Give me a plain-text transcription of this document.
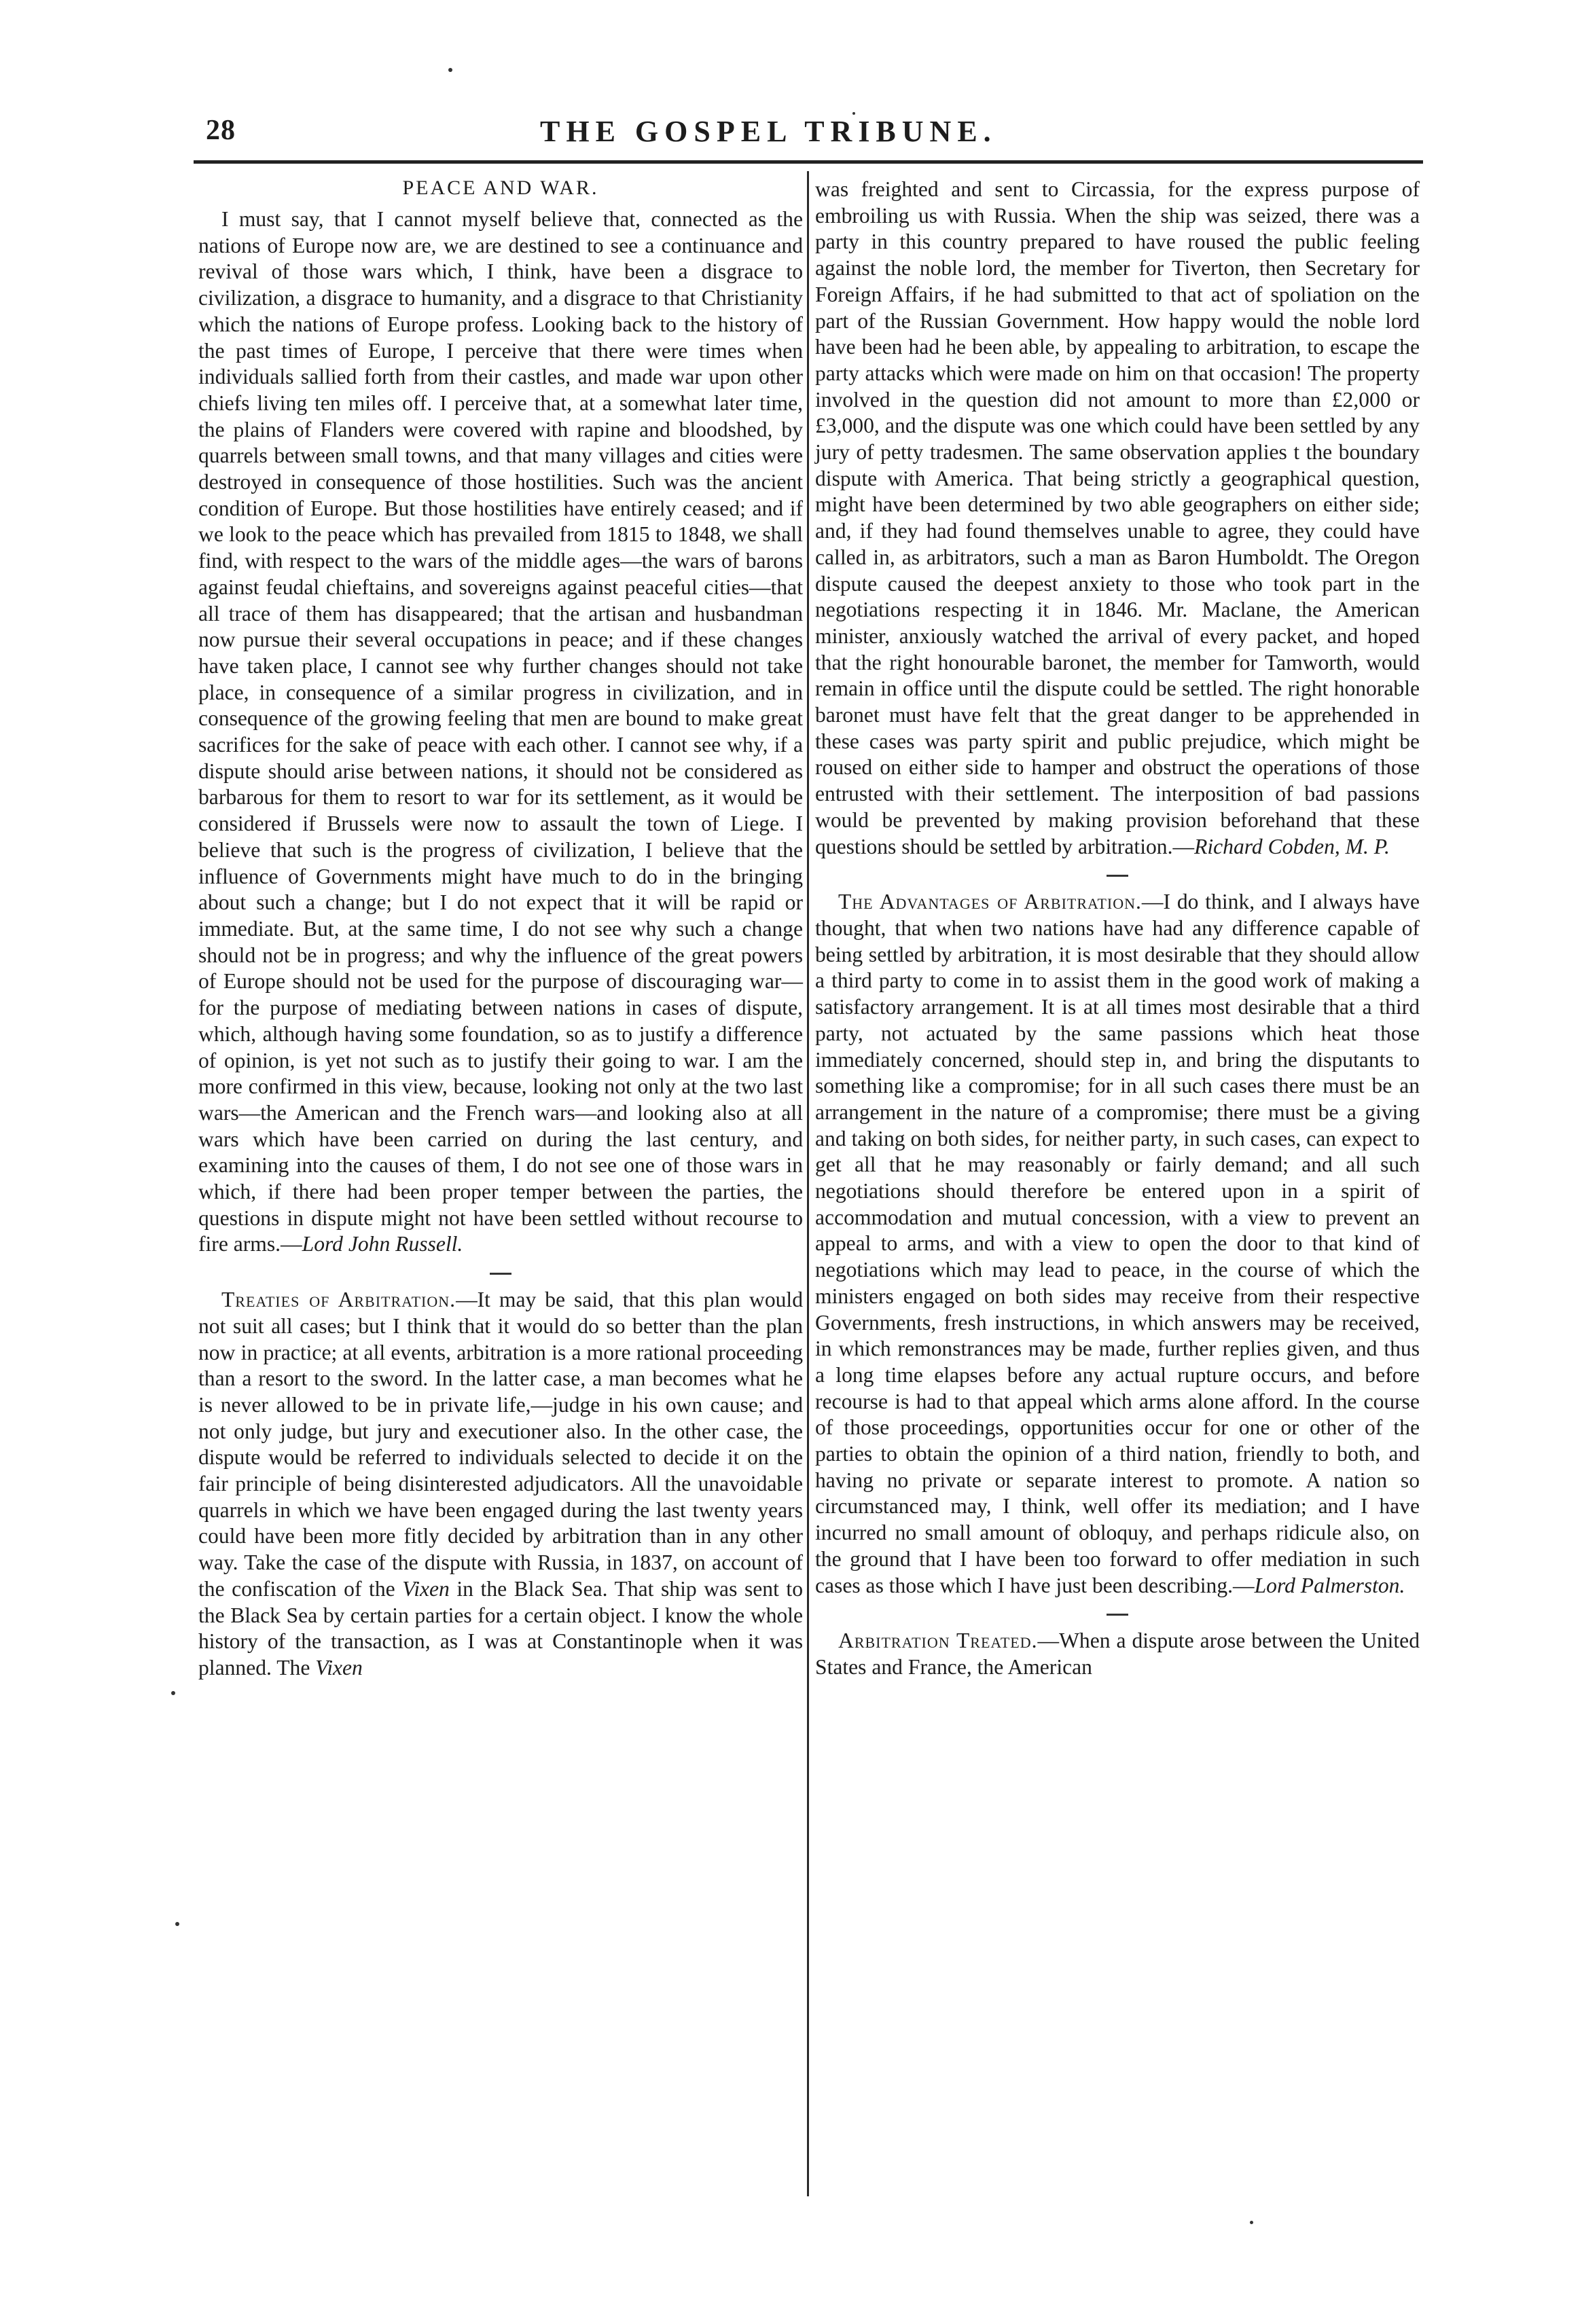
28	THE GOSPEL TRIBUNE.
PEACE AND WAR.

I must say, that I cannot myself believe that, connected as the nations of Europe now are, we are destined to see a continuance and revival of those wars which, I think, have been a disgrace to civilization, a disgrace to humanity, and a disgrace to that Christianity which the nations of Europe profess. Looking back to the history of the past times of Europe, I perceive that there were times when individuals sallied forth from their castles, and made war upon other chiefs living ten miles off. I perceive that, at a somewhat later time, the plains of Flanders were covered with rapine and bloodshed, by quarrels between small towns, and that many villages and cities were destroyed in consequence of those hostilities. Such was the ancient condition of Europe. But those hostilities have entirely ceased; and if we look to the peace which has prevailed from 1815 to 1848, we shall find, with respect to the wars of the middle ages—the wars of barons against feudal chieftains, and sovereigns against peaceful cities—that all trace of them has disappeared; that the artisan and husbandman now pursue their several occupations in peace; and if these changes have taken place, I cannot see why further changes should not take place, in consequence of a similar progress in civilization, and in consequence of the growing feeling that men are bound to make great sacrifices for the sake of peace with each other. I cannot see why, if a dispute should arise between nations, it should not be considered as barbarous for them to resort to war for its settlement, as it would be considered if Brussels were now to assault the town of Liege. I believe that such is the progress of civilization, I believe that the influence of Governments might have much to do in the bringing about such a change; but I do not expect that it will be rapid or immediate. But, at the same time, I do not see why such a change should not be in progress; and why the influence of the great powers of Europe should not be used for the purpose of discouraging war—for the purpose of mediating between nations in cases of dispute, which, although having some foundation, so as to justify a difference of opinion, is yet not such as to justify their going to war. I am the more confirmed in this view, because, looking not only at the two last wars—the American and the French wars—and looking also at all wars which have been carried on during the last century, and examining into the causes of them, I do not see one of those wars in which, if there had been proper temper between the parties, the questions in dispute might not have been settled without recourse to fire arms.—Lord John Russell.

Treaties of Arbitration.—It may be said, that this plan would not suit all cases; but I think that it would do so better than the plan now in practice; at all events, arbitration is a more rational proceeding than a resort to the sword. In the latter case, a man becomes what he is never allowed to be in private life,—judge in his own cause; and not only judge, but jury and executioner also. In the other case, the dispute would be referred to individuals selected to decide it on the fair principle of being disinterested adjudicators. All the unavoidable quarrels in which we have been engaged during the last twenty years could have been more fitly decided by arbitration than in any other way. Take the case of the dispute with Russia, in 1837, on account of the confiscation of the Vixen in the Black Sea. That ship was sent to the Black Sea by certain parties for a certain object. I know the whole history of the transaction, as I was at Constantinople when it was planned. The Vixen

was freighted and sent to Circassia, for the express purpose of embroiling us with Russia. When the ship was seized, there was a party in this country prepared to have roused the public feeling against the noble lord, the member for Tiverton, then Secretary for Foreign Affairs, if he had submitted to that act of spoliation on the part of the Russian Government. How happy would the noble lord have been had he been able, by appealing to arbitration, to escape the party attacks which were made on him on that occasion! The property involved in the question did not amount to more than £2,000 or £3,000, and the dispute was one which could have been settled by any jury of petty tradesmen. The same observation applies t the boundary dispute with America. That being strictly a geographical question, might have been determined by two able geographers on either side; and, if they had found themselves unable to agree, they could have called in, as arbitrators, such a man as Baron Humboldt. The Oregon dispute caused the deepest anxiety to those who took part in the negotiations respecting it in 1846. Mr. Maclane, the American minister, anxiously watched the arrival of every packet, and hoped that the right honourable baronet, the member for Tamworth, would remain in office until the dispute could be settled. The right honorable baronet must have felt that the great danger to be apprehended in these cases was party spirit and public prejudice, which might be roused on either side to hamper and obstruct the operations of those entrusted with their settlement. The interposition of bad passions would be prevented by making provision beforehand that these questions should be settled by arbitration.—Richard Cobden, M. P.

The Advantages of Arbitration.—I do think, and I always have thought, that when two nations have had any difference capable of being settled by arbitration, it is most desirable that they should allow a third party to come in to assist them in the good work of making a satisfactory arrangement. It is at all times most desirable that a third party, not actuated by the same passions which heat those immediately concerned, should step in, and bring the disputants to something like a compromise; for in all such cases there must be an arrangement in the nature of a compromise; there must be a giving and taking on both sides, for neither party, in such cases, can expect to get all that he may reasonably or fairly demand; and all such negotiations should therefore be entered upon in a spirit of accommodation and mutual concession, with a view to prevent an appeal to arms, and with a view to open the door to that kind of negotiations which may lead to peace, in the course of which the ministers engaged on both sides may receive from their respective Governments, fresh instructions, in which answers may be received, in which remonstrances may be made, further replies given, and thus a long time elapses before any actual rupture occurs, and before recourse is had to that appeal which arms alone afford. In the course of those proceedings, opportunities occur for one or other of the parties to obtain the opinion of a third nation, friendly to both, and having no private or separate interest to promote. A nation so circumstanced may, I think, well offer its mediation; and I have incurred no small amount of obloquy, and perhaps ridicule also, on the ground that I have been too forward to offer mediation in such cases as those which I have just been describing.—Lord Palmerston.

Arbitration Treated.—When a dispute arose between the United States and France, the American
